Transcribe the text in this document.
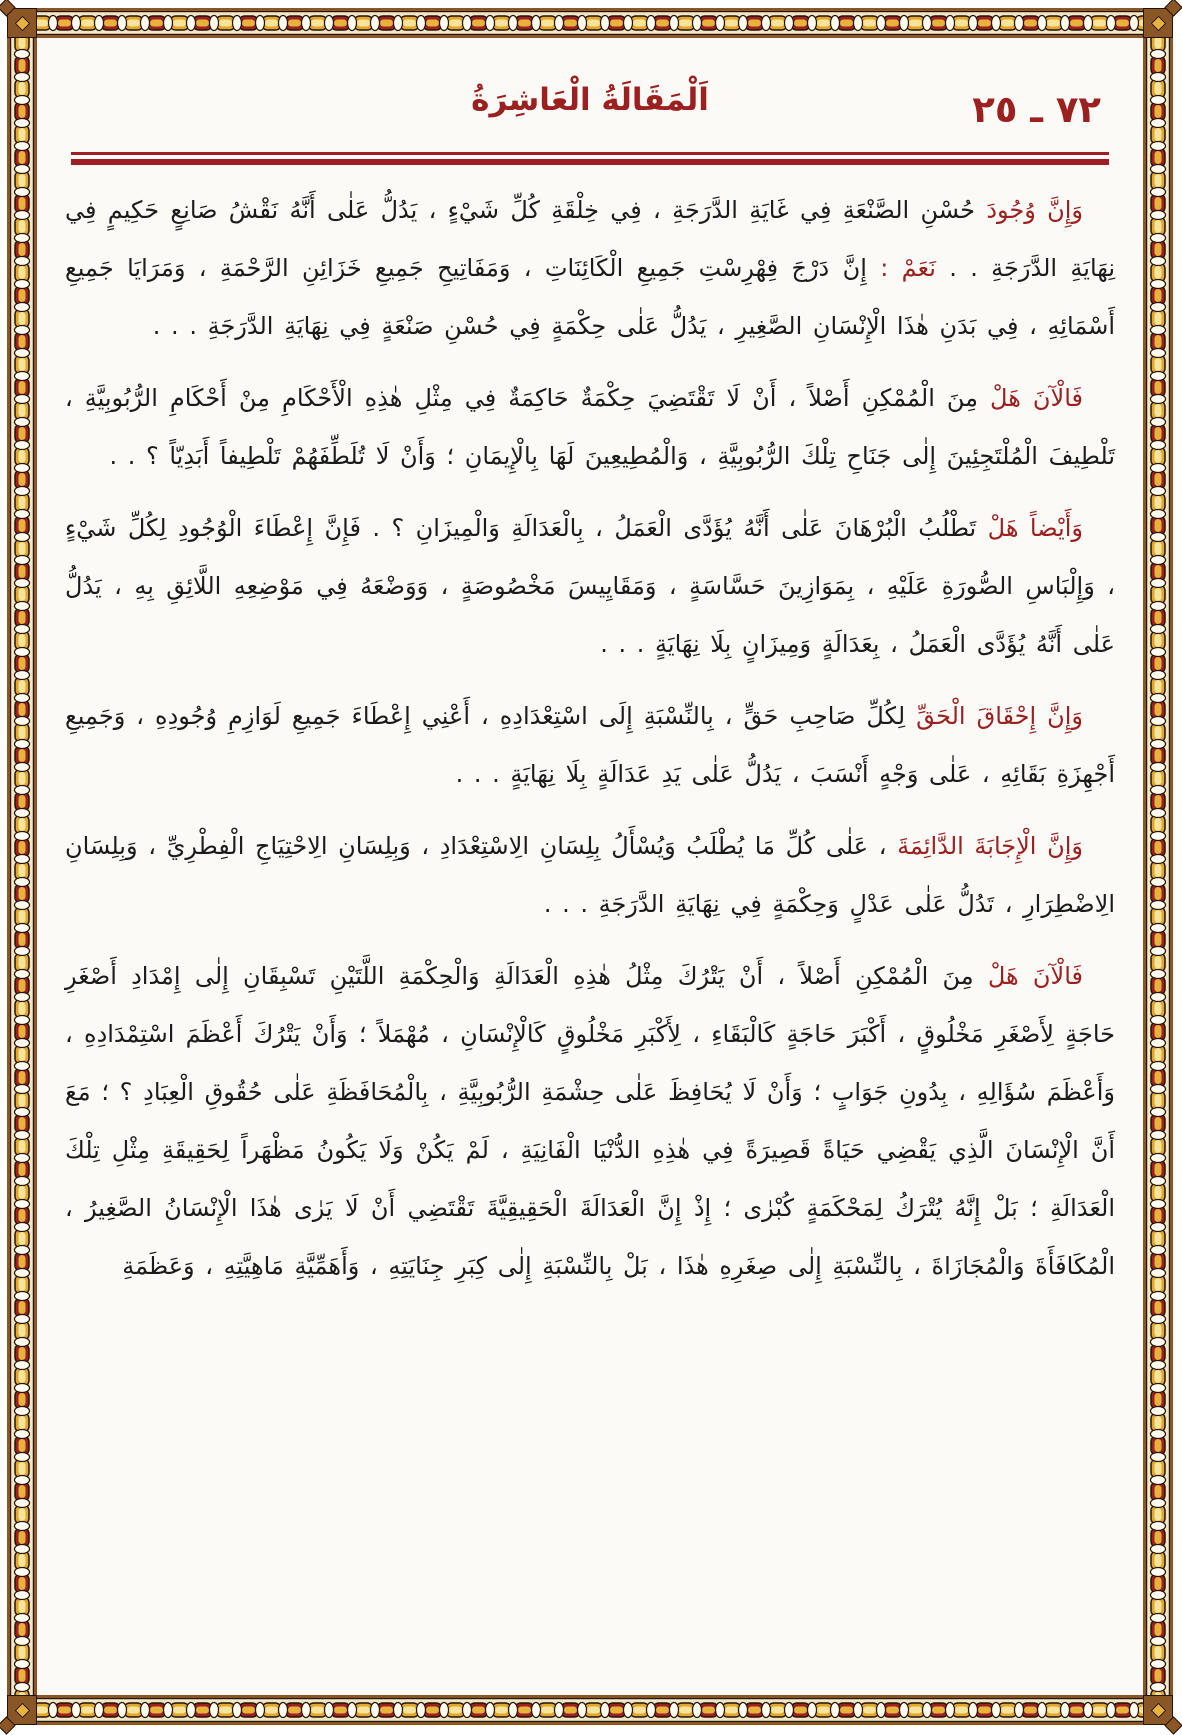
٧٢ ـ ٢٥
اَلْمَقَالَةُ الْعَاشِرَةُ

وَإِنَّ وُجُودَ حُسْنِ الصَّنْعَةِ فِي غَايَةِ الدَّرَجَةِ ، فِي خِلْقَةِ كُلِّ شَيْءٍ ، يَدُلُّ عَلٰى أَنَّهُ نَقْشُ صَانِعٍ حَكِيمٍ فِي نِهَايَةِ الدَّرَجَةِ . . نَعَمْ : إِنَّ دَرْجَ فِهْرِسْتِ جَمِيعِ الْكَائِنَاتِ ، وَمَفَاتِيحِ جَمِيعِ خَزَائِنِ الرَّحْمَةِ ، وَمَرَايَا جَمِيعِ أَسْمَائِهِ ، فِي بَدَنِ هٰذَا الْإِنْسَانِ الصَّغِيرِ ، يَدُلُّ عَلٰى حِكْمَةٍ فِي حُسْنِ صَنْعَةٍ فِي نِهَايَةِ الدَّرَجَةِ . . .

فَالْآنَ هَلْ مِنَ الْمُمْكِنِ أَصْلاً ، أَنْ لَا تَقْتَضِيَ حِكْمَةٌ حَاكِمَةٌ فِي مِثْلِ هٰذِهِ الْأَحْكَامِ مِنْ أَحْكَامِ الرُّبُوبِيَّةِ ، تَلْطِيفَ الْمُلْتَجِئِينَ إِلٰى جَنَاحِ تِلْكَ الرُّبُوبِيَّةِ ، وَالْمُطِيعِينَ لَهَا بِالْإِيمَانِ ؛ وَأَنْ لَا تُلَطِّفَهُمْ تَلْطِيفاً أَبَدِيّاً ؟ . .

وَأَيْضاً هَلْ تَطْلُبُ الْبُرْهَانَ عَلٰى أَنَّهُ يُؤَدَّى الْعَمَلُ ، بِالْعَدَالَةِ وَالْمِيزَانِ ؟ . فَإِنَّ إِعْطَاءَ الْوُجُودِ لِكُلِّ شَيْءٍ ، وَإِلْبَاسِ الصُّورَةِ عَلَيْهِ ، بِمَوَازِينَ حَسَّاسَةٍ ، وَمَقَايِيسَ مَخْصُوصَةٍ ، وَوَضْعَهُ فِي مَوْضِعِهِ اللَّائِقِ بِهِ ، يَدُلُّ عَلٰى أَنَّهُ يُؤَدَّى الْعَمَلُ ، بِعَدَالَةٍ وَمِيزَانٍ بِلَا نِهَايَةٍ . . .

وَإِنَّ إِحْقَاقَ الْحَقِّ لِكُلِّ صَاحِبِ حَقٍّ ، بِالنِّسْبَةِ إِلَى اسْتِعْدَادِهِ ، أَعْنِي إِعْطَاءَ جَمِيعِ لَوَازِمِ وُجُودِهِ ، وَجَمِيعِ أَجْهِزَةِ بَقَائِهِ ، عَلٰى وَجْهٍ أَنْسَبَ ، يَدُلُّ عَلٰى يَدِ عَدَالَةٍ بِلَا نِهَايَةٍ . . .

وَإِنَّ الْإِجَابَةَ الدَّائِمَةَ ، عَلٰى كُلِّ مَا يُطْلَبُ وَيُسْأَلُ بِلِسَانِ الِاسْتِعْدَادِ ، وَبِلِسَانِ الِاحْتِيَاجِ الْفِطْرِيِّ ، وَبِلِسَانِ الِاضْطِرَارِ ، تَدُلُّ عَلٰى عَدْلٍ وَحِكْمَةٍ فِي نِهَايَةِ الدَّرَجَةِ . . .

فَالْآنَ هَلْ مِنَ الْمُمْكِنِ أَصْلاً ، أَنْ يَتْرُكَ مِثْلُ هٰذِهِ الْعَدَالَةِ وَالْحِكْمَةِ اللَّتَيْنِ تَسْبِقَانِ إِلٰى إِمْدَادِ أَصْغَرِ حَاجَةٍ لِأَصْغَرِ مَخْلُوقٍ ، أَكْبَرَ حَاجَةٍ كَالْبَقَاءِ ، لِأَكْبَرِ مَخْلُوقٍ كَالْإِنْسَانِ ، مُهْمَلاً ؛ وَأَنْ يَتْرُكَ أَعْظَمَ اسْتِمْدَادِهِ ، وَأَعْظَمَ سُؤَالِهِ ، بِدُونِ جَوَابٍ ؛ وَأَنْ لَا يُحَافِظَ عَلٰى حِشْمَةِ الرُّبُوبِيَّةِ ، بِالْمُحَافَظَةِ عَلٰى حُقُوقِ الْعِبَادِ ؟ ؛ مَعَ أَنَّ الْإِنْسَانَ الَّذِي يَقْضِي حَيَاةً قَصِيرَةً فِي هٰذِهِ الدُّنْيَا الْفَانِيَةِ ، لَمْ يَكُنْ وَلَا يَكُونُ مَظْهَراً لِحَقِيقَةِ مِثْلِ تِلْكَ الْعَدَالَةِ ؛ بَلْ إِنَّهُ يُتْرَكُ لِمَحْكَمَةٍ كُبْرٰى ؛ إِذْ إِنَّ الْعَدَالَةَ الْحَقِيقِيَّةَ تَقْتَضِي أَنْ لَا يَرٰى هٰذَا الْإِنْسَانُ الصَّغِيرُ ، الْمُكَافَأَةَ وَالْمُجَازَاةَ ، بِالنِّسْبَةِ إِلٰى صِغَرِهِ هٰذَا ، بَلْ بِالنِّسْبَةِ إِلٰى كِبَرِ جِنَايَتِهِ ، وَأَهَمِّيَّةِ مَاهِيَّتِهِ ، وَعَظَمَةِ
